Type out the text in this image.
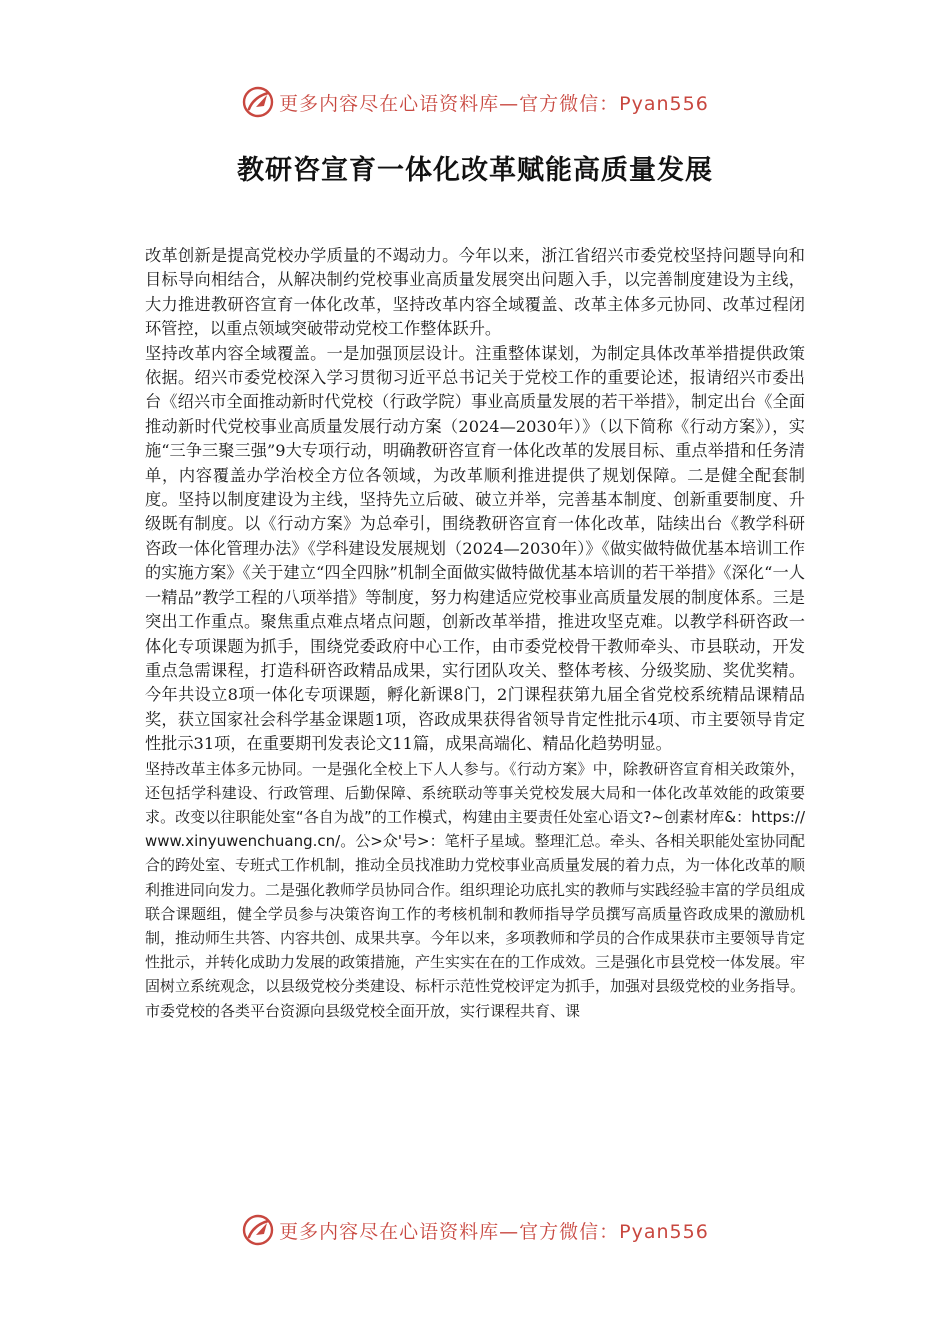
更多内容尽在心语资料库—官方微信：Pyan556
教研咨宣育一体化改革赋能高质量发展

改革创新是提高党校办学质量的不竭动力。今年以来，浙江省绍兴市委党校坚持问题导向和目标导向相结合，从解决制约党校事业高质量发展突出问题入手，以完善制度建设为主线，大力推进教研咨宣育一体化改革，坚持改革内容全域覆盖、改革主体多元协同、改革过程闭环管控，以重点领域突破带动党校工作整体跃升。

坚持改革内容全域覆盖。一是加强顶层设计。注重整体谋划，为制定具体改革举措提供政策依据。绍兴市委党校深入学习贯彻习近平总书记关于党校工作的重要论述，报请绍兴市委出台《绍兴市全面推动新时代党校（行政学院）事业高质量发展的若干举措》，制定出台《全面推动新时代党校事业高质量发展行动方案（2024—2030年）》（以下简称《行动方案》），实施“三争三聚三强”9大专项行动，明确教研咨宣育一体化改革的发展目标、重点举措和任务清单，内容覆盖办学治校全方位各领域，为改革顺利推进提供了规划保障。二是健全配套制度。坚持以制度建设为主线，坚持先立后破、破立并举，完善基本制度、创新重要制度、升级既有制度。以《行动方案》为总牵引，围绕教研咨宣育一体化改革，陆续出台《教学科研咨政一体化管理办法》《学科建设发展规划（2024—2030年）》《做实做特做优基本培训工作的实施方案》《关于建立“四全四脉”机制全面做实做特做优基本培训的若干举措》《深化“一人一精品”教学工程的八项举措》等制度，努力构建适应党校事业高质量发展的制度体系。三是突出工作重点。聚焦重点难点堵点问题，创新改革举措，推进攻坚克难。以教学科研咨政一体化专项课题为抓手，围绕党委政府中心工作，由市委党校骨干教师牵头、市县联动，开发重点急需课程，打造科研咨政精品成果，实行团队攻关、整体考核、分级奖励、奖优奖精。今年共设立8项一体化专项课题，孵化新课8门，2门课程获第九届全省党校系统精品课精品奖，获立国家社会科学基金课题1项，咨政成果获得省领导肯定性批示4项、市主要领导肯定性批示31项，在重要期刊发表论文11篇，成果高端化、精品化趋势明显。

坚持改革主体多元协同。一是强化全校上下人人参与。《行动方案》中，除教研咨宣育相关政策外，还包括学科建设、行政管理、后勤保障、系统联动等事关党校发展大局和一体化改革效能的政策要求。改变以往职能处室“各自为战”的工作模式，构建由主要责任处室心语文?~创素材库&：https://www.xinyuwenchuang.cn/。公>众'号>：笔杆子星域。整理汇总。牵头、各相关职能处室协同配合的跨处室、专班式工作机制，推动全员找准助力党校事业高质量发展的着力点，为一体化改革的顺利推进同向发力。二是强化教师学员协同合作。组织理论功底扎实的教师与实践经验丰富的学员组成联合课题组，健全学员参与决策咨询工作的考核机制和教师指导学员撰写高质量咨政成果的激励机制，推动师生共答、内容共创、成果共享。今年以来，多项教师和学员的合作成果获市主要领导肯定性批示，并转化成助力发展的政策措施，产生实实在在的工作成效。三是强化市县党校一体发展。牢固树立系统观念，以县级党校分类建设、标杆示范性党校评定为抓手，加强对县级党校的业务指导。市委党校的各类平台资源向县级党校全面开放，实行课程共育、课

更多内容尽在心语资料库—官方微信：Pyan556
